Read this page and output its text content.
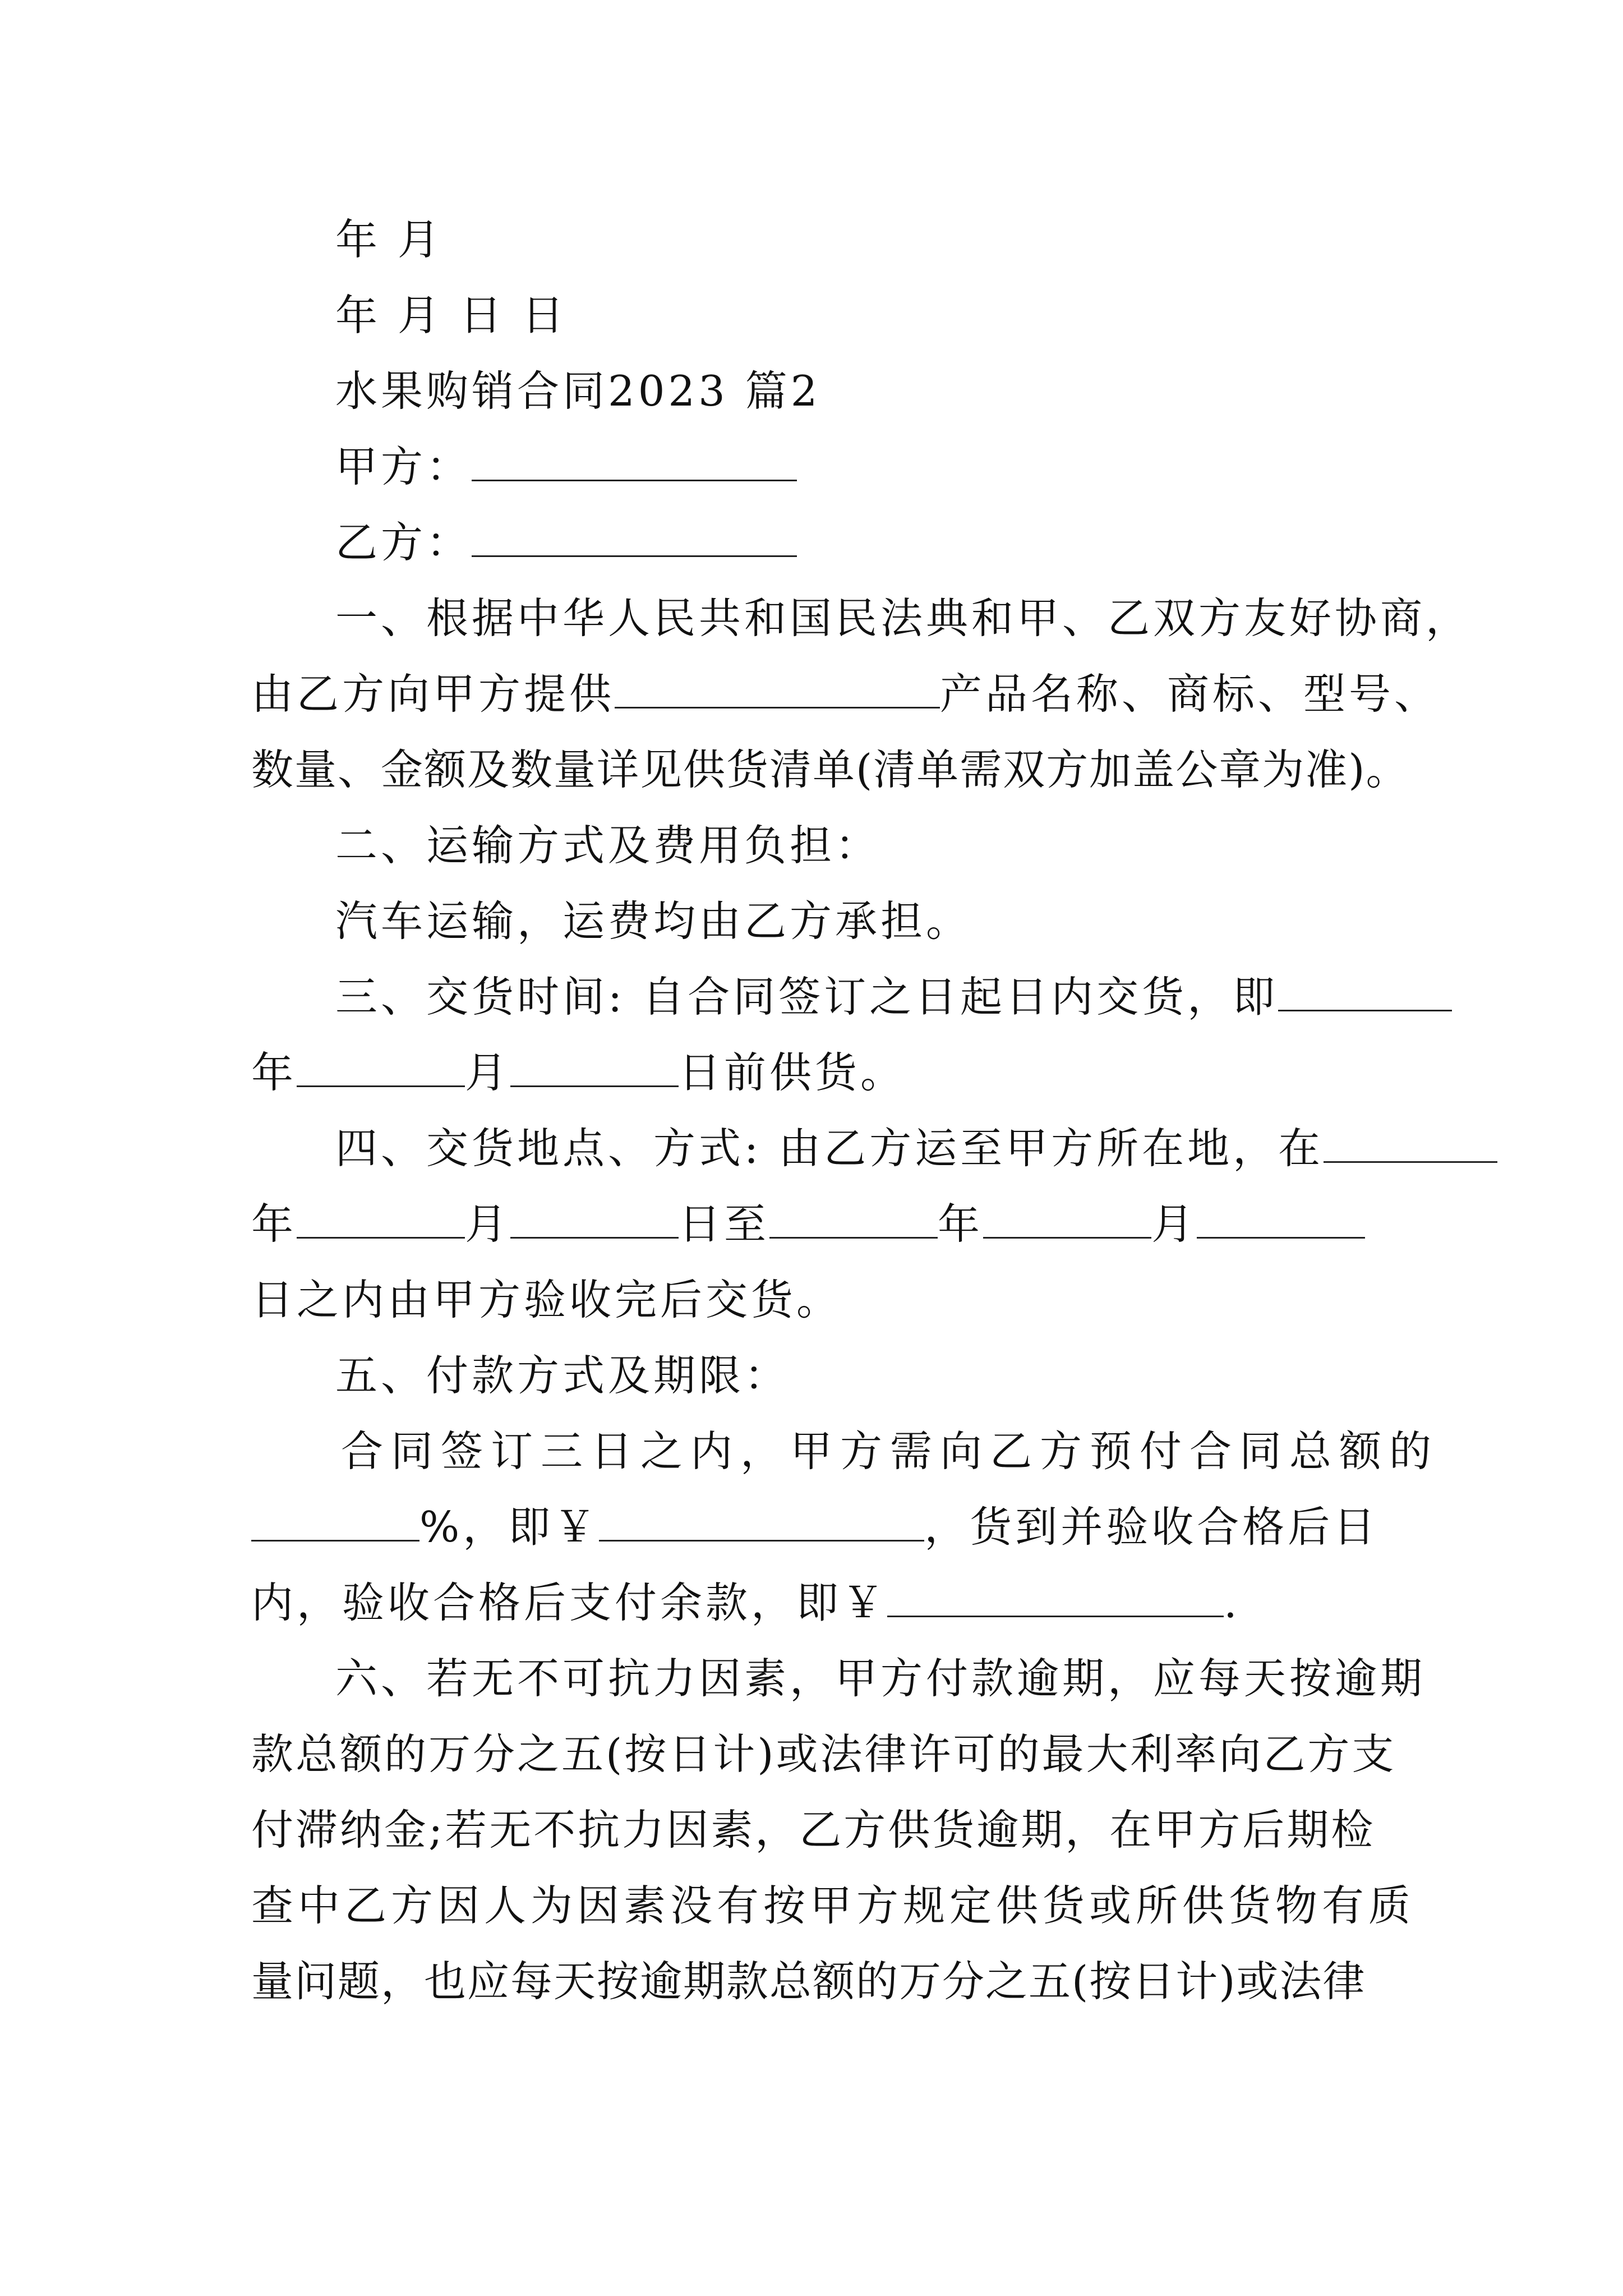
年 月
年 月 日 日
水果购销合同2023 篇2
甲方：
乙方：
一、根据中华人民共和国民法典和甲、乙双方友好协商，
由乙方向甲方提供	产品名称、商标、型号、
数量、金额及数量详见供货清单(清单需双方加盖公章为准)。
二、运输方式及费用负担：
汽车运输，运费均由乙方承担。
三、交货时间: 自合同签订之日起日内交货，即
年	月	日前供货。
四、交货地点、方式: 由乙方运至甲方所在地，在
年	月	日至	年	月
日之内由甲方验收完后交货。
五、付款方式及期限：
合同签订三日之内，甲方需向乙方预付合同总额的
%，即￥	，货到并验收合格后日
内，验收合格后支付余款，即￥	.
六、若无不可抗力因素，甲方付款逾期，应每天按逾期
款总额的万分之五(按日计)或法律许可的最大利率向乙方支
付滞纳金;若无不抗力因素，乙方供货逾期，在甲方后期检
查中乙方因人为因素没有按甲方规定供货或所供货物有质
量问题，也应每天按逾期款总额的万分之五(按日计)或法律
